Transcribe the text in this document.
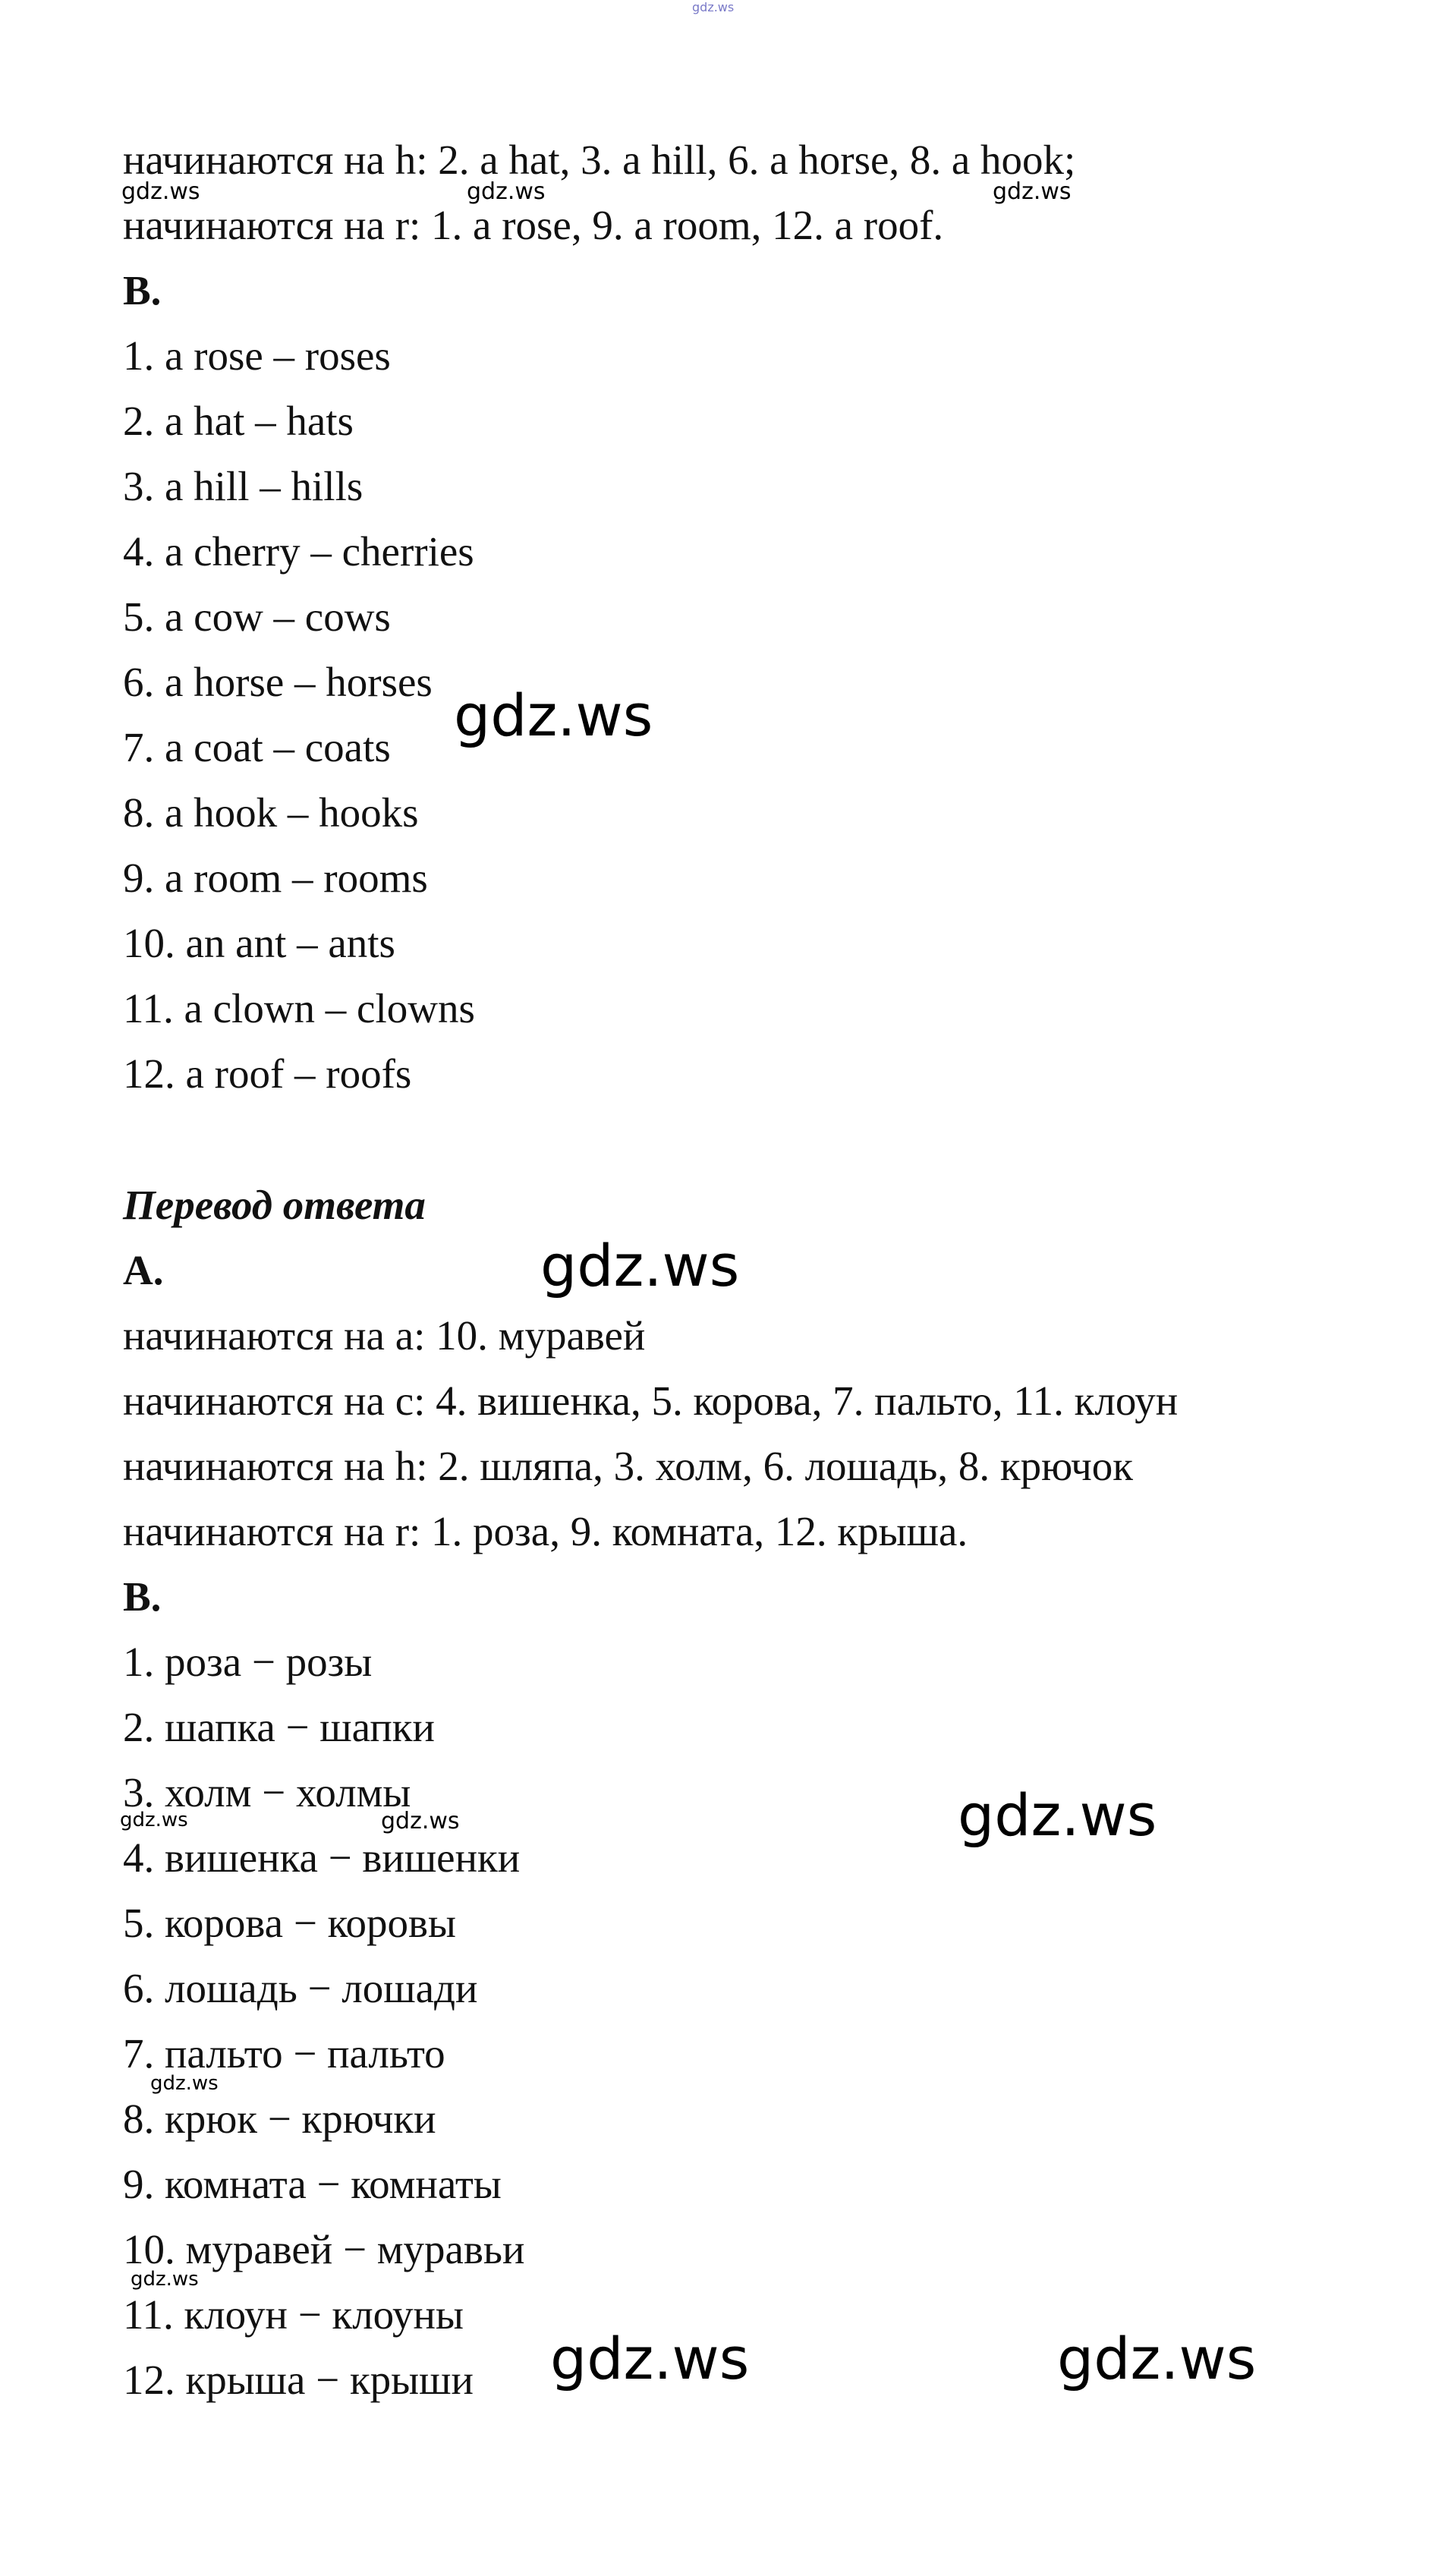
gdz.ws
начинаются на h: 2. a hat, 3. a hill, 6. a horse, 8. a hook;
начинаются на r: 1. a rose, 9. a room, 12. a roof.
B.
1. a rose – roses
2. a hat – hats
3. a hill – hills
4. a cherry – cherries
5. a cow – cows
6. a horse – horses
7. a coat – coats
8. a hook – hooks
9. a room – rooms
10. an ant – ants
11. a clown – clowns
12. a roof – roofs
Перевод ответа
A.
начинаются на a: 10. муравей
начинаются на c: 4. вишенка, 5. корова, 7. пальто, 11. клоун
начинаются на h: 2. шляпа, 3. холм, 6. лошадь, 8. крючок
начинаются на r: 1. роза, 9. комната, 12. крыша.
B.
1. роза − розы
2. шапка − шапки
3. холм − холмы
4. вишенка − вишенки
5. корова − коровы
6. лошадь − лошади
7. пальто − пальто
8. крюк − крючки
9. комната − комнаты
10. муравей − муравьи
11. клоун − клоуны
12. крыша − крыши
gdz.ws	gdz.ws	gdz.ws
gdz.ws
gdz.ws
gdz.ws
gdz.ws	gdz.ws
gdz.ws
gdz.ws
gdz.ws	gdz.ws
